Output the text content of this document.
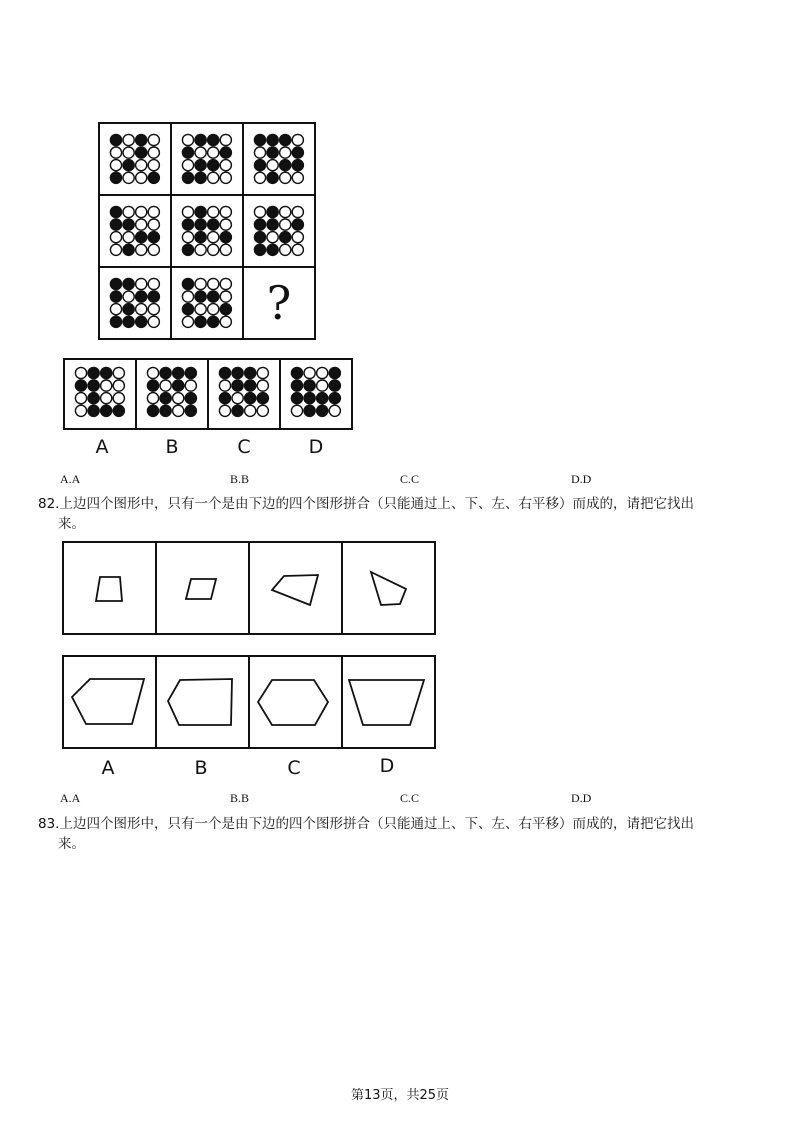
?
A	B	C	D
A.A	B.B	C.C	D.D
82.上边四个图形中，只有一个是由下边的四个图形拼合（只能通过上、下、左、右平移）而成的，请把它找出
来。
A	B	C	D
A.A	B.B	C.C	D.D
83.上边四个图形中，只有一个是由下边的四个图形拼合（只能通过上、下、左、右平移）而成的，请把它找出
来。
第13页，共25页
